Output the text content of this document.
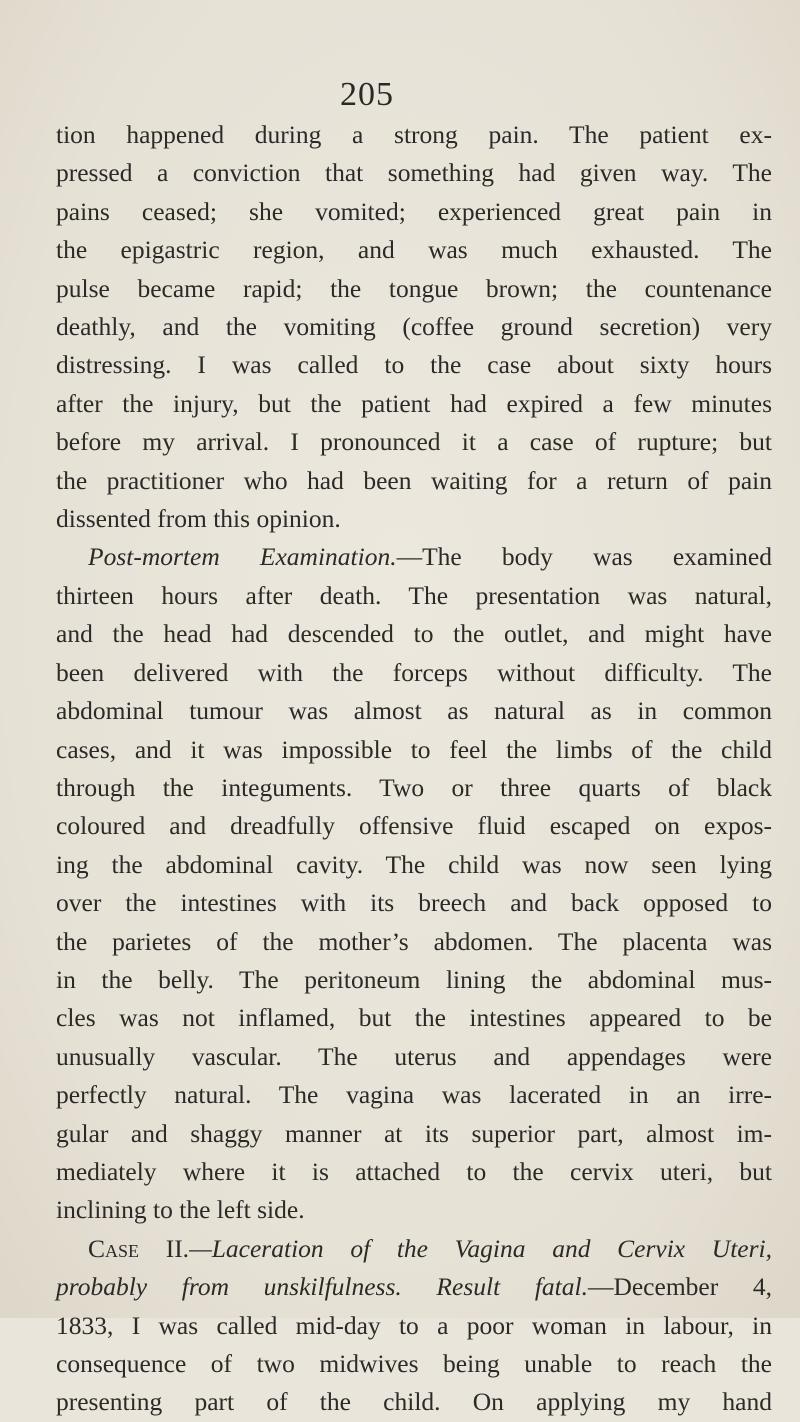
205

tion happened during a strong pain. The patient ex-
pressed a conviction that something had given way. The
pains ceased; she vomited; experienced great pain in
the epigastric region, and was much exhausted. The
pulse became rapid; the tongue brown; the countenance
deathly, and the vomiting (coffee ground secretion) very
distressing. I was called to the case about sixty hours
after the injury, but the patient had expired a few minutes
before my arrival. I pronounced it a case of rupture; but
the practitioner who had been waiting for a return of pain
dissented from this opinion.

Post-mortem Examination.—The body was examined
thirteen hours after death. The presentation was natural,
and the head had descended to the outlet, and might have
been delivered with the forceps without difficulty. The
abdominal tumour was almost as natural as in common
cases, and it was impossible to feel the limbs of the child
through the integuments. Two or three quarts of black
coloured and dreadfully offensive fluid escaped on expos-
ing the abdominal cavity. The child was now seen lying
over the intestines with its breech and back opposed to
the parietes of the mother’s abdomen. The placenta was
in the belly. The peritoneum lining the abdominal mus-
cles was not inflamed, but the intestines appeared to be
unusually vascular. The uterus and appendages were
perfectly natural. The vagina was lacerated in an irre-
gular and shaggy manner at its superior part, almost im-
mediately where it is attached to the cervix uteri, but
inclining to the left side.

Case II.—Laceration of the Vagina and Cervix Uteri,
probably from unskilfulness. Result fatal.—December 4,
1833, I was called mid-day to a poor woman in labour, in
consequence of two midwives being unable to reach the
presenting part of the child. On applying my hand
